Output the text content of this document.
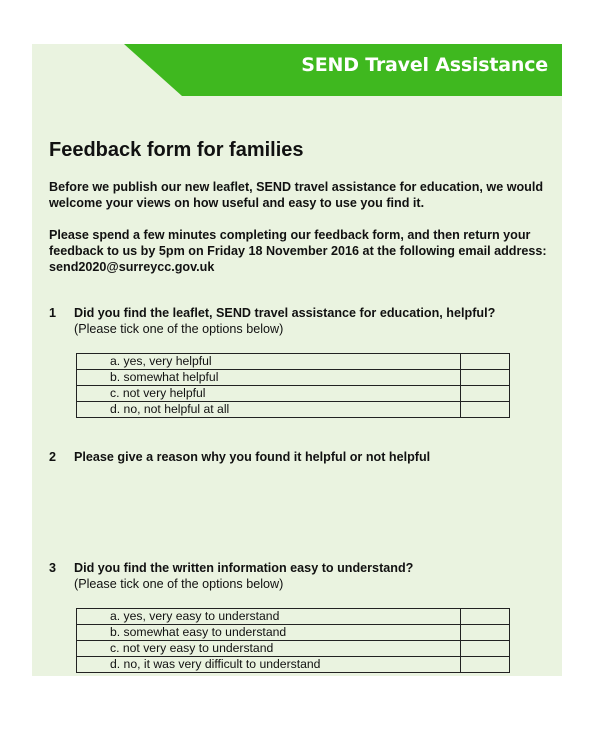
SEND Travel Assistance
Feedback form for families
Before we publish our new leaflet, SEND travel assistance for education, we would welcome your views on how useful and easy to use you find it.
Please spend a few minutes completing our feedback form, and then return your feedback to us by 5pm on Friday 18 November 2016 at the following email address: send2020@surreycc.gov.uk
1 Did you find the leaflet, SEND travel assistance for education, helpful?
(Please tick one of the options below)
a. yes, very helpful	
b. somewhat helpful	
c. not very helpful	
d. no, not helpful at all	
2 Please give a reason why you found it helpful or not helpful
3 Did you find the written information easy to understand?
(Please tick one of the options below)
a. yes, very easy to understand	
b. somewhat easy to understand	
c. not very easy to understand	
d. no, it was very difficult to understand	
